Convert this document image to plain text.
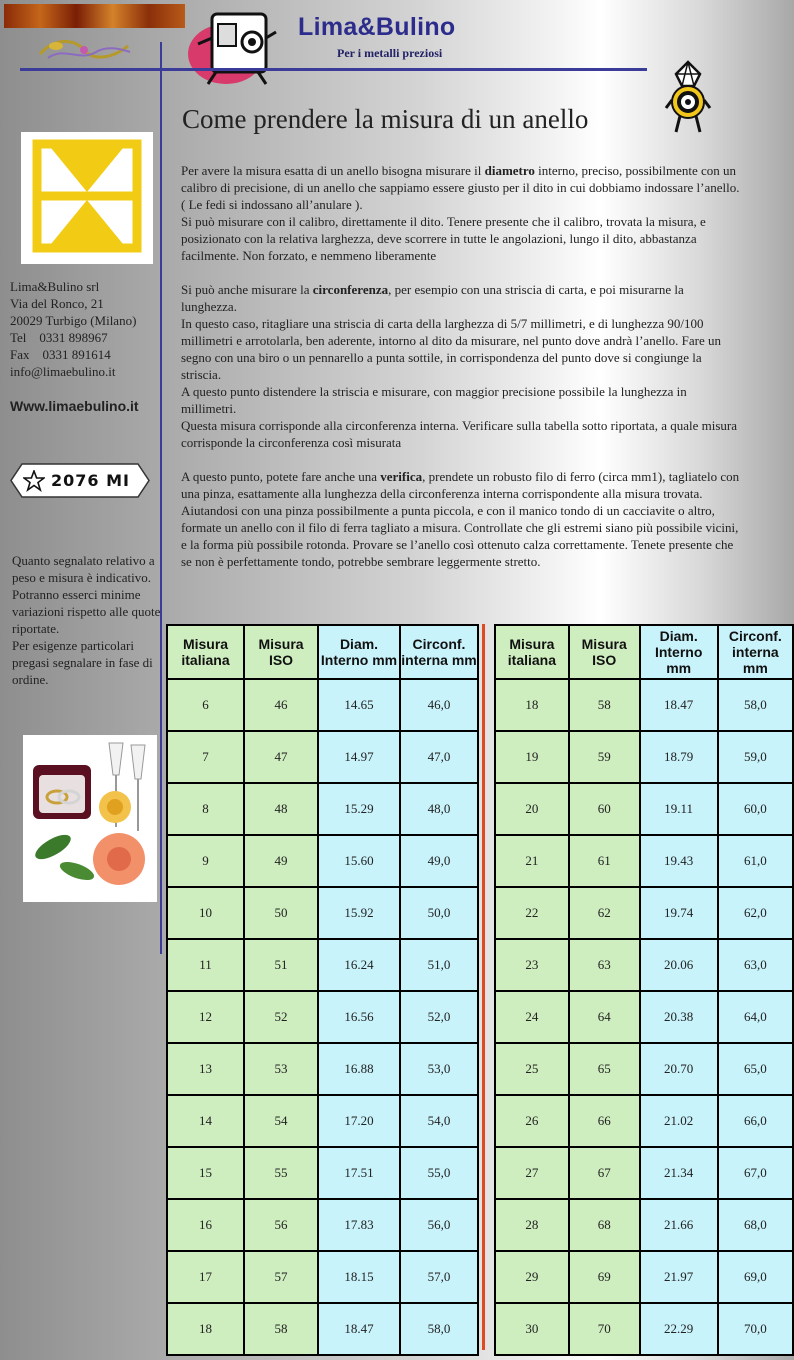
Lima&Bulino
Per i metalli preziosi
Come prendere la misura di un anello
Lima&Bulino srl
Via del Ronco, 21
20029 Turbigo (Milano)
Tel    0331 898967
Fax    0331 891614
info@limaebulino.it
Www.limaebulino.it
2076 MI
Quanto segnalato relativo a peso e misura è indicativo.
Potranno esserci minime variazioni rispetto alle quote riportate.
Per esigenze particolari pregasi segnalare in fase di ordine.

Per avere la misura esatta di un anello bisogna misurare il diametro interno, preciso, possibilmente con un calibro di precisione, di un anello che sappiamo essere giusto per il dito in cui dobbiamo indossare l’anello. ( Le fedi si indossano all’anulare ).

Si può misurare con il calibro, direttamente il dito. Tenere presente che il calibro, trovata la misura, e posizionato con la relativa larghezza, deve scorrere in tutte le angolazioni, lungo il dito, abbastanza facilmente. Non forzato, e nemmeno liberamente

Si può anche misurare la circonferenza, per esempio con una striscia di carta, e poi misurarne la lunghezza.

In questo caso, ritagliare una striscia di carta della larghezza di 5/7 millimetri, e di lunghezza 90/100 millimetri e arrotolarla, ben aderente, intorno al dito da misurare, nel punto dove andrà l’anello. Fare un segno con una biro o un pennarello a punta sottile, in corrispondenza del punto dove si congiunge la striscia.

A questo punto distendere la striscia e misurare, con maggior precisione possibile la lunghezza in millimetri.

Questa misura corrisponde alla circonferenza interna. Verificare sulla tabella sotto riportata, a quale misura corrisponde la circonferenza così misurata

A questo punto, potete fare anche una verifica, prendete un robusto filo di ferro (circa mm1), tagliatelo con una pinza, esattamente alla lunghezza della circonferenza interna corrispondente alla misura trovata.

Aiutandosi con una pinza possibilmente a punta piccola, e con il manico tondo di un cacciavite o altro, formate un anello con il filo di ferra tagliato a misura. Controllate che gli estremi siano più possibile vicini, e la forma più possibile rotonda. Provare se l’anello così ottenuto calza correttamente. Tenete presente che se non è perfettamente tondo, potrebbe sembrare leggermente stretto.

Misura italiana	Misura ISO	Diam. Interno mm	Circonf. interna mm
6	46	14.65	46,0
7	47	14.97	47,0
8	48	15.29	48,0
9	49	15.60	49,0
10	50	15.92	50,0
11	51	16.24	51,0
12	52	16.56	52,0
13	53	16.88	53,0
14	54	17.20	54,0
15	55	17.51	55,0
16	56	17.83	56,0
17	57	18.15	57,0
18	58	18.47	58,0
Misura italiana	Misura ISO	Diam. Interno mm	Circonf. interna mm
18	58	18.47	58,0
19	59	18.79	59,0
20	60	19.11	60,0
21	61	19.43	61,0
22	62	19.74	62,0
23	63	20.06	63,0
24	64	20.38	64,0
25	65	20.70	65,0
26	66	21.02	66,0
27	67	21.34	67,0
28	68	21.66	68,0
29	69	21.97	69,0
30	70	22.29	70,0
